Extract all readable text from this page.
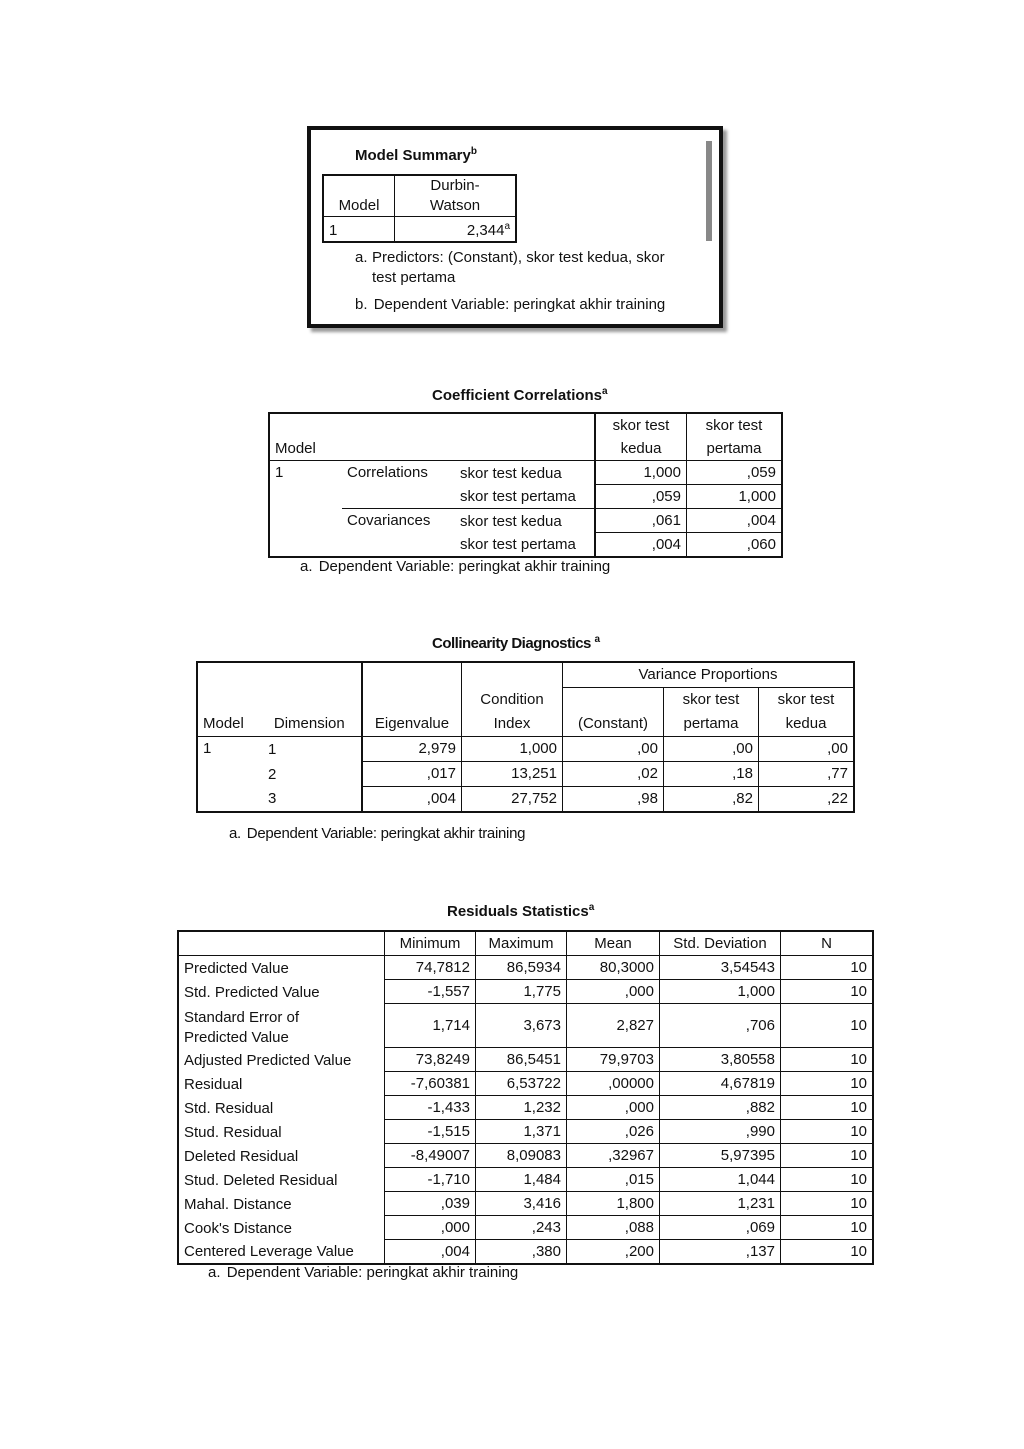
Model Summary$^b$
Model	Durbin-
	Watson
1	2,344$^a$
a. Predictors: (Constant), skor test kedua, skor
test pertama
b. Dependent Variable: peringkat akhir training
Coefficient Correlations$^a$
Model			skor test	skor test
			kedua	pertama
1	Correlations	skor test kedua	1,000	,059
		skor test pertama	,059	1,000
	Covariances	skor test kedua	,061	,004
		skor test pertama	,004	,060
a. Dependent Variable: peringkat akhir training
Collinearity Diagnostics $^a$
Model Dimension		Eigenvalue	Condition	Variance Proportions		
				(Constant)	skor test	skor test
			Index		pertama	kedua
1	1	2,979	1,000	,00	,00	,00
	2	,017	13,251	,02	,18	,77
	3	,004	27,752	,98	,82	,22
a. Dependent Variable: peringkat akhir training
Residuals Statistics$^a$
	Minimum	Maximum	Mean	Std. Deviation	N
Predicted Value	74,7812	86,5934	80,3000	3,54543	10
Std. Predicted Value	-1,557	1,775	,000	1,000	10

Standard Error of
Predicted Value	1,714	3,673	2,827	,706	10
Adjusted Predicted Value	73,8249	86,5451	79,9703	3,80558	10
Residual	-7,60381	6,53722	,00000	4,67819	10
Std. Residual	-1,433	1,232	,000	,882	10
Stud. Residual	-1,515	1,371	,026	,990	10
Deleted Residual	-8,49007	8,09083	,32967	5,97395	10
Stud. Deleted Residual	-1,710	1,484	,015	1,044	10
Mahal. Distance	,039	3,416	1,800	1,231	10
Cook's Distance	,000	,243	,088	,069	10
Centered Leverage Value	,004	,380	,200	,137	10
a. Dependent Variable: peringkat akhir training
